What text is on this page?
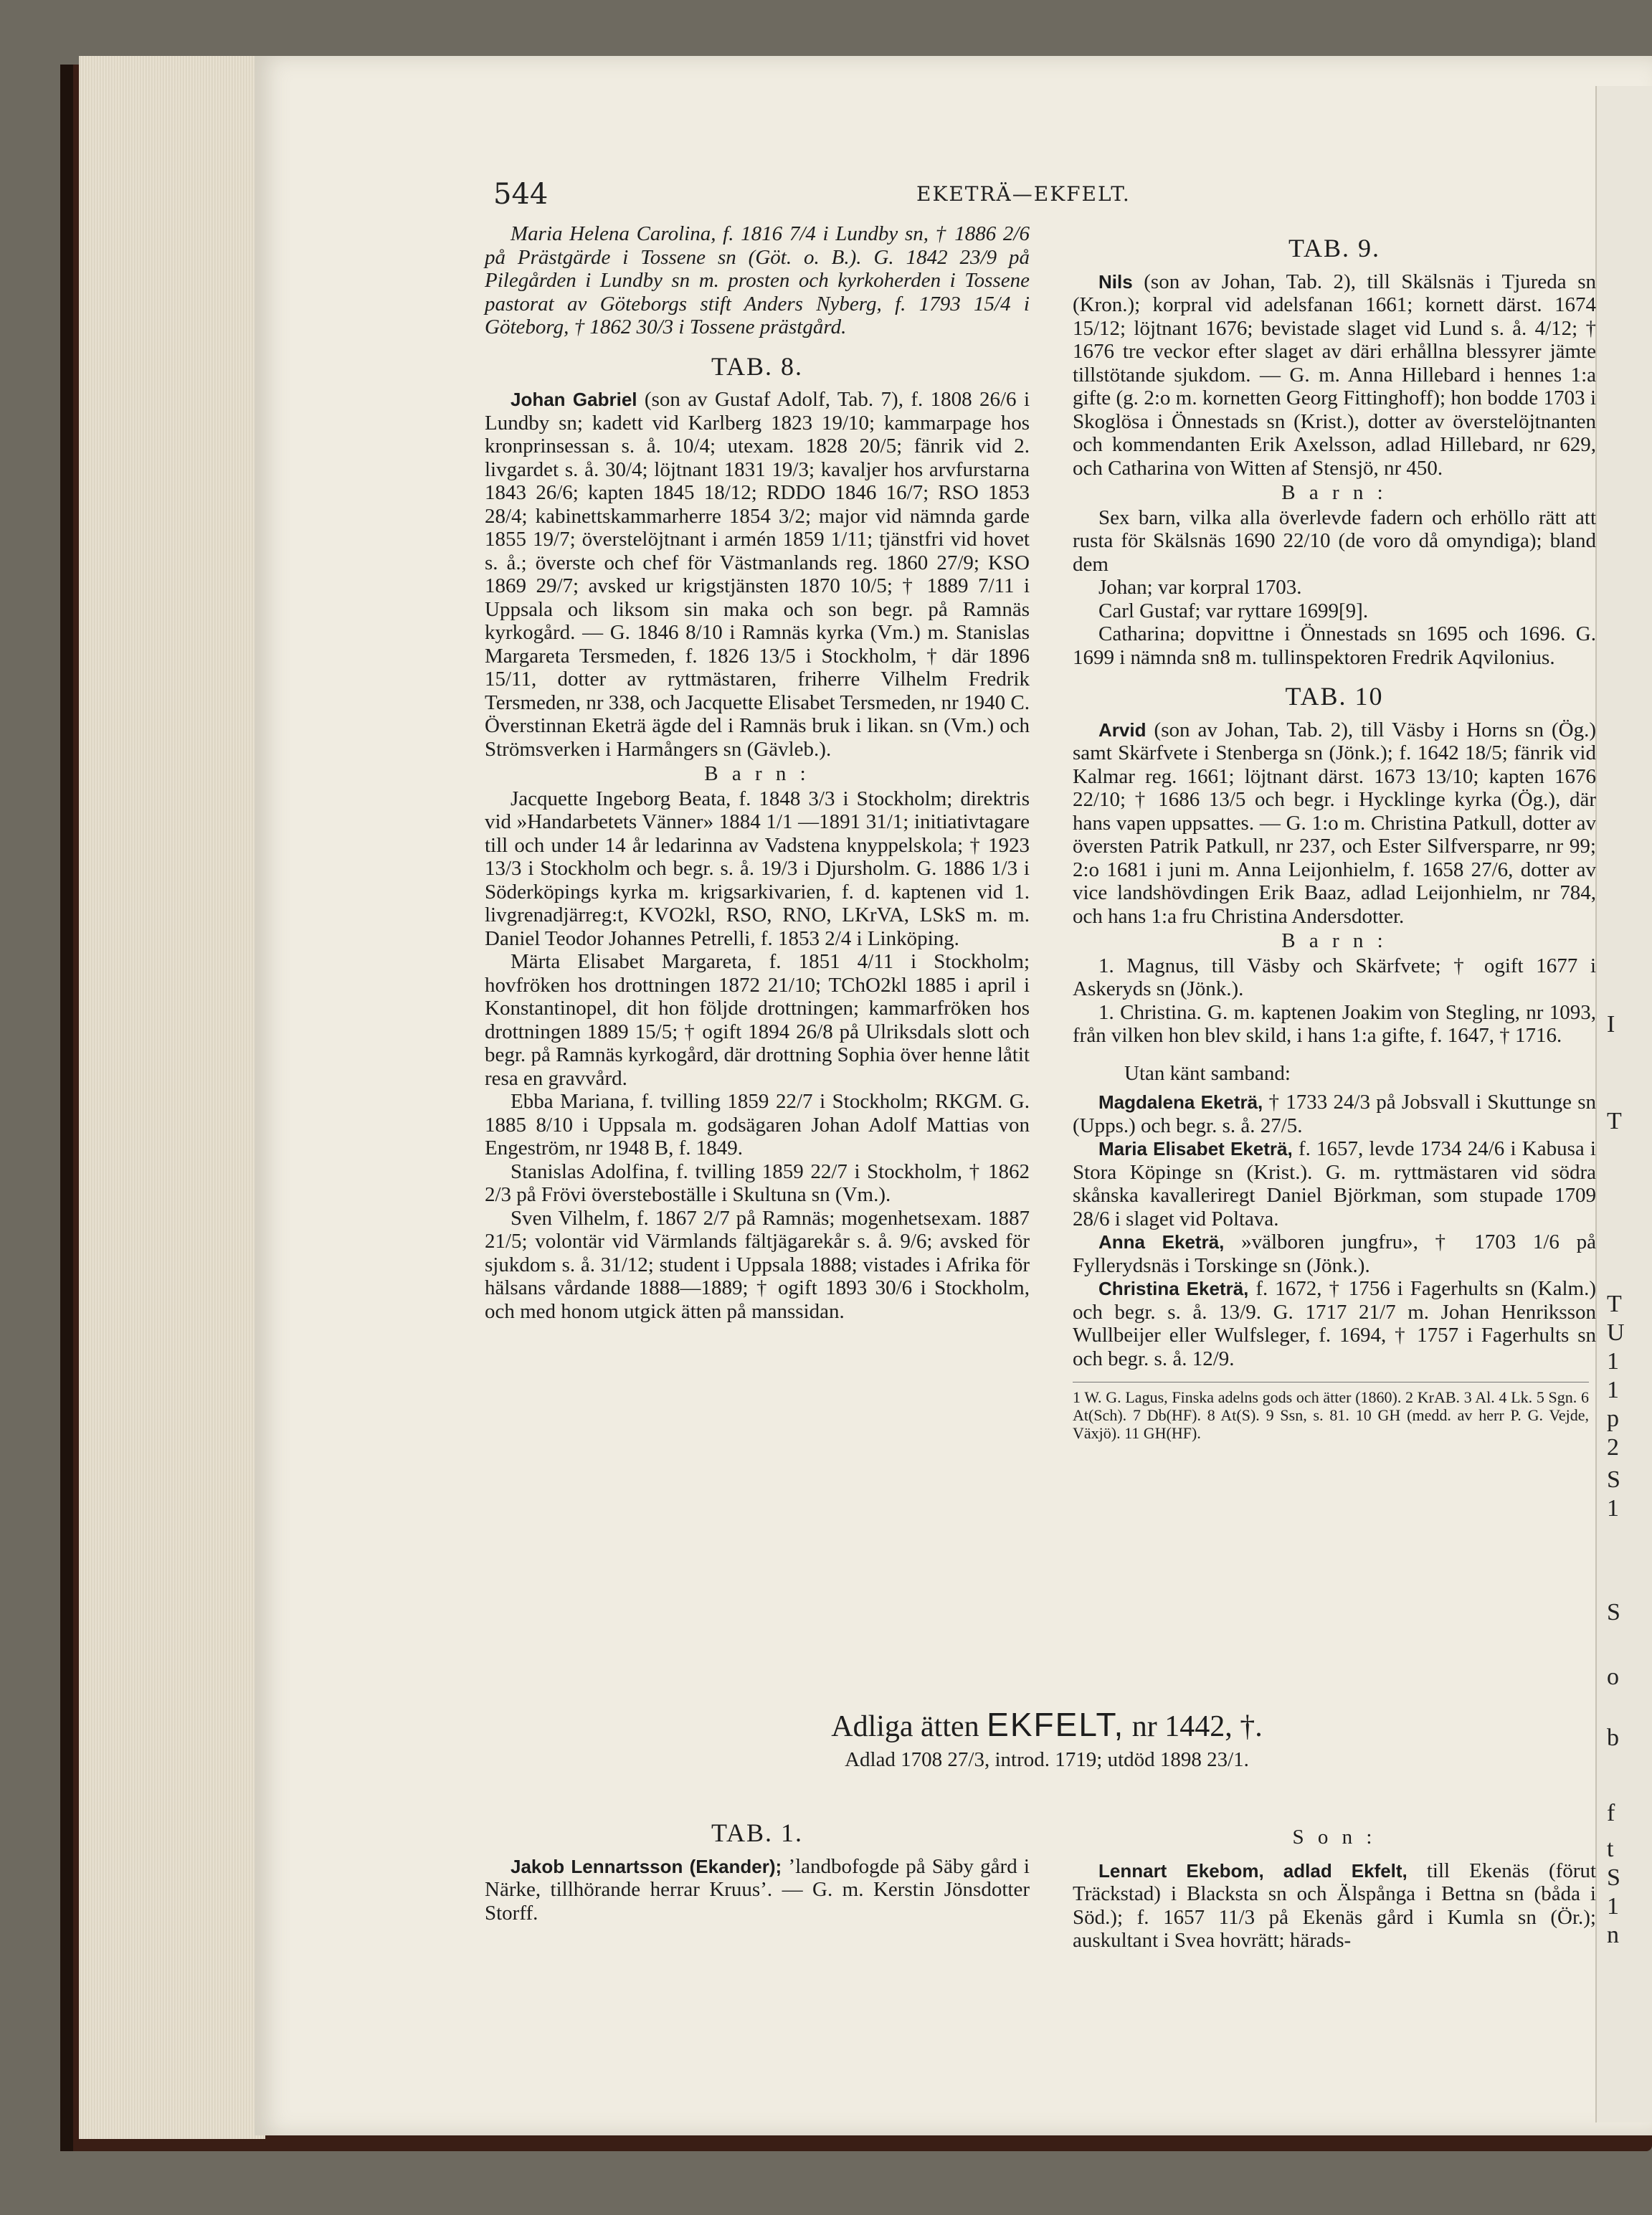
I
T
T
U
1
1
p
2
S
1
S
o
b
f
t
S
1
n
544	EKETRÄ—EKFELT.

Maria Helena Carolina, f. 1816 7/4 i Lundby sn, † 1886 2/6 på Prästgärde i Tossene sn (Göt. o. B.). G. 1842 23/9 på Pilegården i Lundby sn m. prosten och kyrkoherden i Tossene pastorat av Göteborgs stift Anders Nyberg, f. 1793 15/4 i Göteborg, † 1862 30/3 i Tossene prästgård.

TAB. 8.

Johan Gabriel (son av Gustaf Adolf, Tab. 7), f. 1808 26/6 i Lundby sn; kadett vid Karlberg 1823 19/10; kammarpage hos kronprinsessan s. å. 10/4; utexam. 1828 20/5; fänrik vid 2. livgardet s. å. 30/4; löjtnant 1831 19/3; kavaljer hos arvfurstarna 1843 26/6; kapten 1845 18/12; RDDO 1846 16/7; RSO 1853 28/4; kabinettskammarherre 1854 3/2; major vid nämnda garde 1855 19/7; överstelöjtnant i armén 1859 1/11; tjänstfri vid hovet s. å.; överste och chef för Västmanlands reg. 1860 27/9; KSO 1869 29/7; avsked ur krigstjänsten 1870 10/5; † 1889 7/11 i Uppsala och liksom sin maka och son begr. på Ramnäs kyrkogård. — G. 1846 8/10 i Ramnäs kyrka (Vm.) m. Stanislas Margareta Tersmeden, f. 1826 13/5 i Stockholm, † där 1896 15/11, dotter av ryttmästaren, friherre Vilhelm Fredrik Tersmeden, nr 338, och Jacquette Elisabet Tersmeden, nr 1940 C. Överstinnan Eketrä ägde del i Ramnäs bruk i likan. sn (Vm.) och Strömsverken i Harmångers sn (Gävleb.).

B a r n :

Jacquette Ingeborg Beata, f. 1848 3/3 i Stockholm; direktris vid »Handarbetets Vänner» 1884 1/1 —1891 31/1; initiativtagare till och under 14 år ledarinna av Vadstena knyppelskola; † 1923 13/3 i Stockholm och begr. s. å. 19/3 i Djursholm. G. 1886 1/3 i Söderköpings kyrka m. krigsarkivarien, f. d. kaptenen vid 1. livgrenadjärreg:t, KVO2kl, RSO, RNO, LKrVA, LSkS m. m. Daniel Teodor Johannes Petrelli, f. 1853 2/4 i Linköping.

Märta Elisabet Margareta, f. 1851 4/11 i Stockholm; hovfröken hos drottningen 1872 21/10; TChO2kl 1885 i april i Konstantinopel, dit hon följde drottningen; kammarfröken hos drottningen 1889 15/5; † ogift 1894 26/8 på Ulriksdals slott och begr. på Ramnäs kyrkogård, där drottning Sophia över henne låtit resa en gravvård.

Ebba Mariana, f. tvilling 1859 22/7 i Stockholm; RKGM. G. 1885 8/10 i Uppsala m. godsägaren Johan Adolf Mattias von Engeström, nr 1948 B, f. 1849.

Stanislas Adolfina, f. tvilling 1859 22/7 i Stockholm, † 1862 2/3 på Frövi översteboställe i Skultuna sn (Vm.).

Sven Vilhelm, f. 1867 2/7 på Ramnäs; mogenhetsexam. 1887 21/5; volontär vid Värmlands fältjägarekår s. å. 9/6; avsked för sjukdom s. å. 31/12; student i Uppsala 1888; vistades i Afrika för hälsans vårdande 1888—1889; † ogift 1893 30/6 i Stockholm, och med honom utgick ätten på manssidan.

TAB. 9.

Nils (son av Johan, Tab. 2), till Skälsnäs i Tjureda sn (Kron.); korpral vid adelsfanan 1661; kornett därst. 1674 15/12; löjtnant 1676; bevistade slaget vid Lund s. å. 4/12; † 1676 tre veckor efter slaget av däri erhållna blessyrer jämte tillstötande sjukdom. — G. m. Anna Hillebard i hennes 1:a gifte (g. 2:o m. kornetten Georg Fittinghoff); hon bodde 1703 i Skoglösa i Önnestads sn (Krist.), dotter av överstelöjtnanten och kommendanten Erik Axelsson, adlad Hillebard, nr 629, och Catharina von Witten af Stensjö, nr 450.

B a r n :

Sex barn, vilka alla överlevde fadern och erhöllo rätt att rusta för Skälsnäs 1690 22/10 (de voro då omyndiga); bland dem

Johan; var korpral 1703.

Carl Gustaf; var ryttare 1699[9].

Catharina; dopvittne i Önnestads sn 1695 och 1696. G. 1699 i nämnda sn8 m. tullinspektoren Fredrik Aqvilonius.

TAB. 10

Arvid (son av Johan, Tab. 2), till Väsby i Horns sn (Ög.) samt Skärfvete i Stenberga sn (Jönk.); f. 1642 18/5; fänrik vid Kalmar reg. 1661; löjtnant därst. 1673 13/10; kapten 1676 22/10; † 1686 13/5 och begr. i Hycklinge kyrka (Ög.), där hans vapen uppsattes. — G. 1:o m. Christina Patkull, dotter av översten Patrik Patkull, nr 237, och Ester Silfversparre, nr 99; 2:o 1681 i juni m. Anna Leijonhielm, f. 1658 27/6, dotter av vice landshövdingen Erik Baaz, adlad Leijonhielm, nr 784, och hans 1:a fru Christina Andersdotter.

B a r n :

1. Magnus, till Väsby och Skärfvete; † ogift 1677 i Askeryds sn (Jönk.).

1. Christina. G. m. kaptenen Joakim von Stegling, nr 1093, från vilken hon blev skild, i hans 1:a gifte, f. 1647, † 1716.

Utan känt samband:

Magdalena Eketrä, † 1733 24/3 på Jobsvall i Skuttunge sn (Upps.) och begr. s. å. 27/5.

Maria Elisabet Eketrä, f. 1657, levde 1734 24/6 i Kabusa i Stora Köpinge sn (Krist.). G. m. ryttmästaren vid södra skånska kavalleriregt Daniel Björkman, som stupade 1709 28/6 i slaget vid Poltava.

Anna Eketrä, »välboren jungfru», † 1703 1/6 på Fyllerydsnäs i Torskinge sn (Jönk.).

Christina Eketrä, f. 1672, † 1756 i Fagerhults sn (Kalm.) och begr. s. å. 13/9. G. 1717 21/7 m. Johan Henriksson Wullbeijer eller Wulfsleger, f. 1694, † 1757 i Fagerhults sn och begr. s. å. 12/9.

1 W. G. Lagus, Finska adelns gods och ätter (1860). 2 KrAB. 3 Al. 4 Lk. 5 Sgn. 6 At(Sch). 7 Db(HF). 8 At(S). 9 Ssn, s. 81. 10 GH (medd. av herr P. G. Vejde, Växjö). 11 GH(HF).
Adliga ätten EKFELT, nr 1442, †.
Adlad 1708 27/3, introd. 1719; utdöd 1898 23/1.
TAB. 1.

Jakob Lennartsson (Ekander); ’landbofogde på Säby gård i Närke, tillhörande herrar Kruus’. — G. m. Kerstin Jönsdotter Storff.

S o n :

Lennart Ekebom, adlad Ekfelt, till Ekenäs (förut Träckstad) i Blacksta sn och Älspånga i Bettna sn (båda i Söd.); f. 1657 11/3 på Ekenäs gård i Kumla sn (Ör.); auskultant i Svea hovrätt; härads-
